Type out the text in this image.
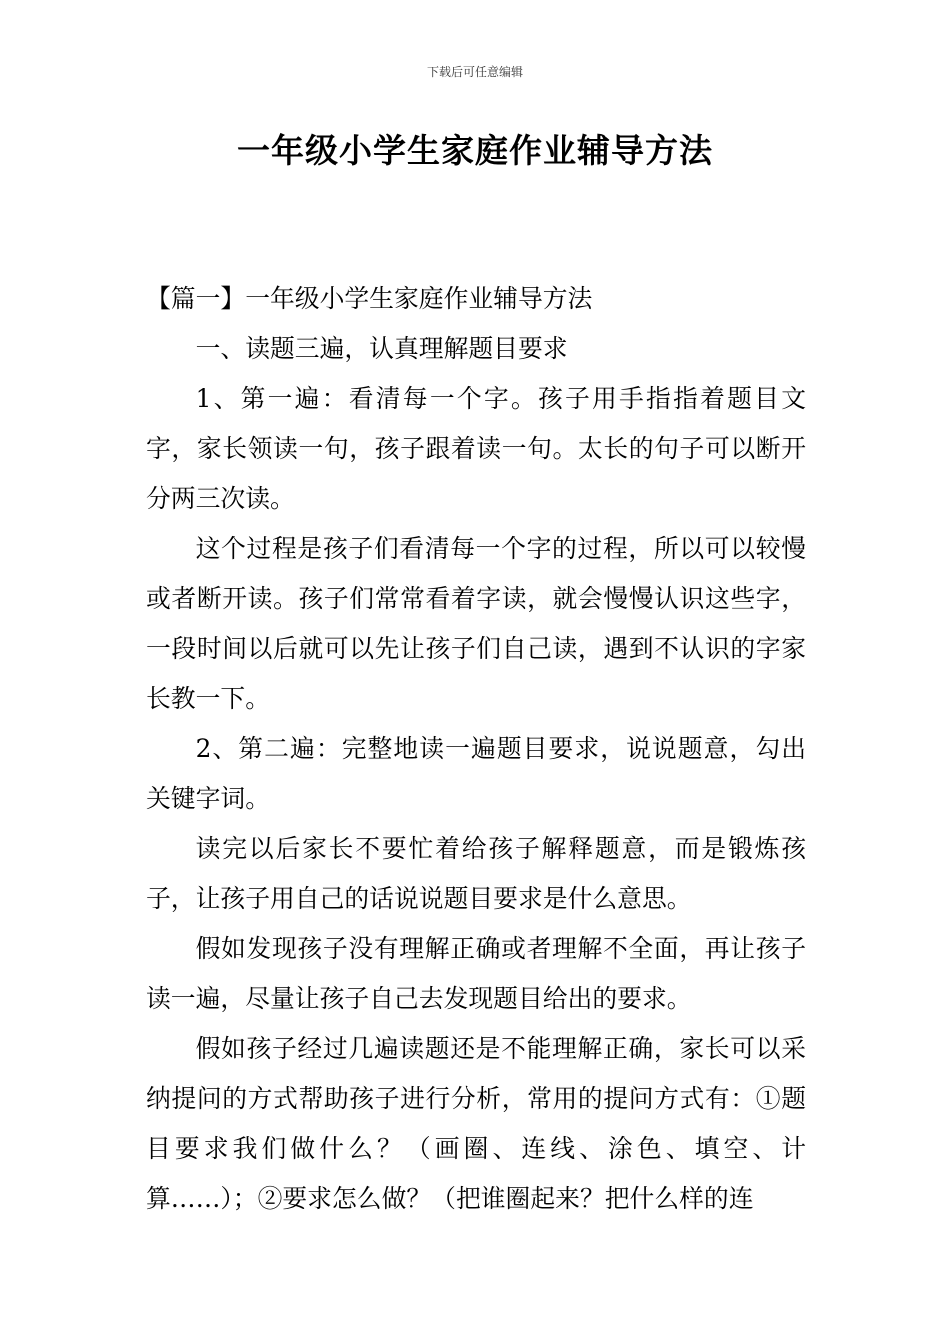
下载后可任意编辑
一年级小学生家庭作业辅导方法

【篇一】一年级小学生家庭作业辅导方法

一、读题三遍，认真理解题目要求

1、第一遍：看清每一个字。孩子用手指指着题目文字，家长领读一句，孩子跟着读一句。太长的句子可以断开分两三次读。

这个过程是孩子们看清每一个字的过程，所以可以较慢或者断开读。孩子们常常看着字读，就会慢慢认识这些字，一段时间以后就可以先让孩子们自己读，遇到不认识的字家长教一下。

2、第二遍：完整地读一遍题目要求，说说题意，勾出关键字词。

读完以后家长不要忙着给孩子解释题意，而是锻炼孩子，让孩子用自己的话说说题目要求是什么意思。

假如发现孩子没有理解正确或者理解不全面，再让孩子读一遍，尽量让孩子自己去发现题目给出的要求。

假如孩子经过几遍读题还是不能理解正确，家长可以采纳提问的方式帮助孩子进行分析，常用的提问方式有：①题目要求我们做什么？（画圈、连线、涂色、填空、计算……）；②要求怎么做？（把谁圈起来？把什么样的连
